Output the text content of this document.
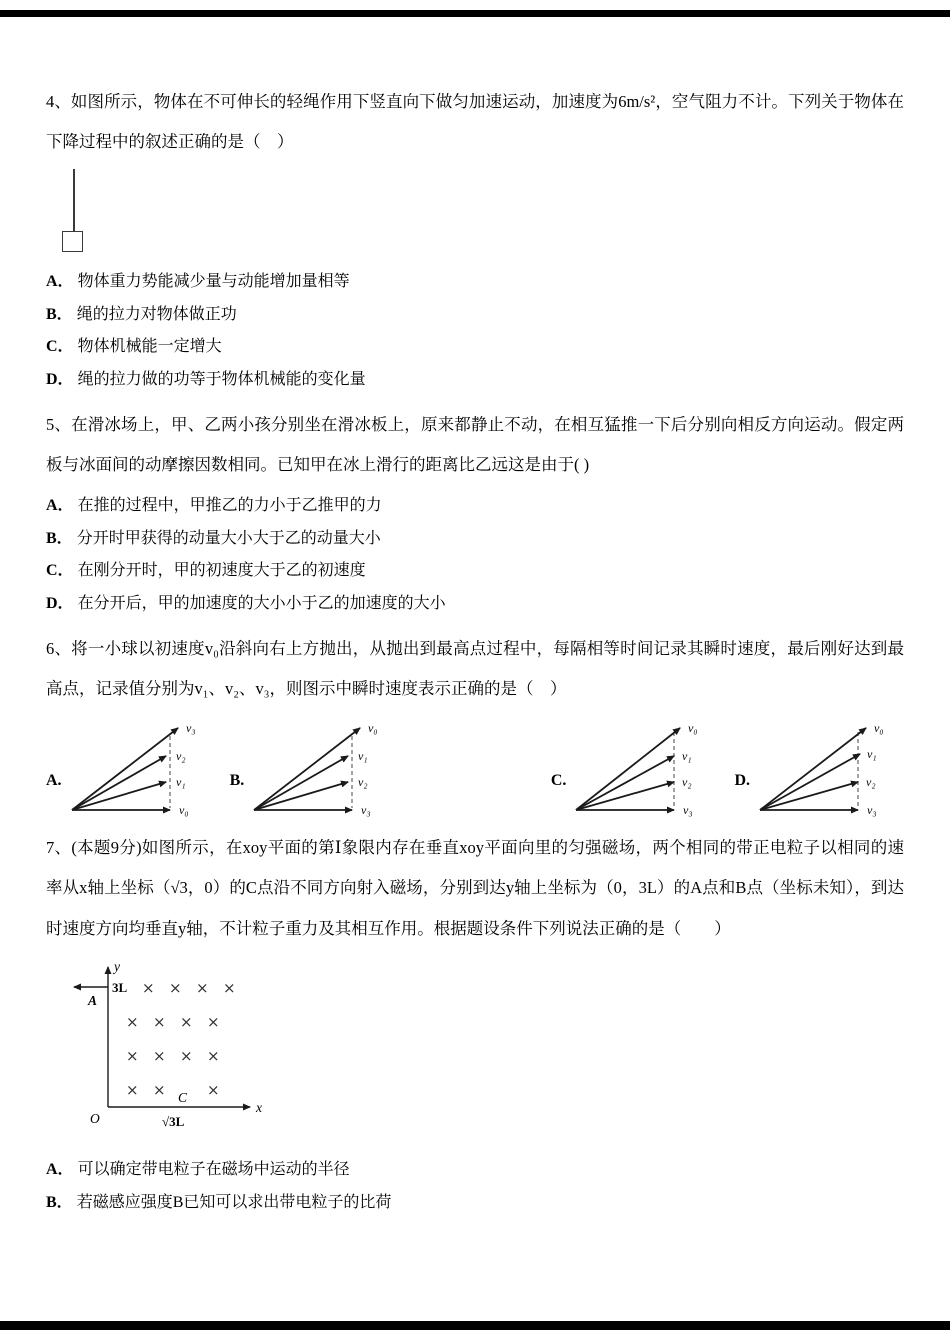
4、如图所示，物体在不可伸长的轻绳作用下竖直向下做匀加速运动，加速度为6m/s²，空气阻力不计。下列关于物体在下降过程中的叙述正确的是（　）

A． 物体重力势能减少量与动能增加量相等

B． 绳的拉力对物体做正功

C． 物体机械能一定增大

D． 绳的拉力做的功等于物体机械能的变化量

5、在滑冰场上，甲、乙两小孩分别坐在滑冰板上，原来都静止不动，在相互猛推一下后分别向相反方向运动。假定两板与冰面间的动摩擦因数相同。已知甲在冰上滑行的距离比乙远这是由于( )

A． 在推的过程中，甲推乙的力小于乙推甲的力

B． 分开时甲获得的动量大小大于乙的动量大小

C． 在刚分开时，甲的初速度大于乙的初速度

D． 在分开后，甲的加速度的大小小于乙的加速度的大小

6、将一小球以初速度v₀沿斜向右上方抛出，从抛出到最高点过程中，每隔相等时间记录其瞬时速度，最后刚好达到最高点，记录值分别为v₁、v₂、v₃，则图示中瞬时速度表示正确的是（　）

A.
v₃
v₂
v₁
v₀
B.
v₀
v₁
v₂
v₃
C.
v₀
v₁
v₂
v₃
D.
v₀
v₁
v₂
v₃

7、(本题9分)如图所示，在xoy平面的第Ⅰ象限内存在垂直xoy平面向里的匀强磁场，两个相同的带正电粒子以相同的速率从x轴上坐标（√3，0）的C点沿不同方向射入磁场，分别到达y轴上坐标为（0，3L）的A点和B点（坐标未知），到达时速度方向均垂直y轴，不计粒子重力及其相互作用。根据题设条件下列说法正确的是（　　）

y
x
O
3L
A
× × × ×
× × × ×
× × × ×
× ×	×
C
√3L

A． 可以确定带电粒子在磁场中运动的半径

B． 若磁感应强度B已知可以求出带电粒子的比荷
